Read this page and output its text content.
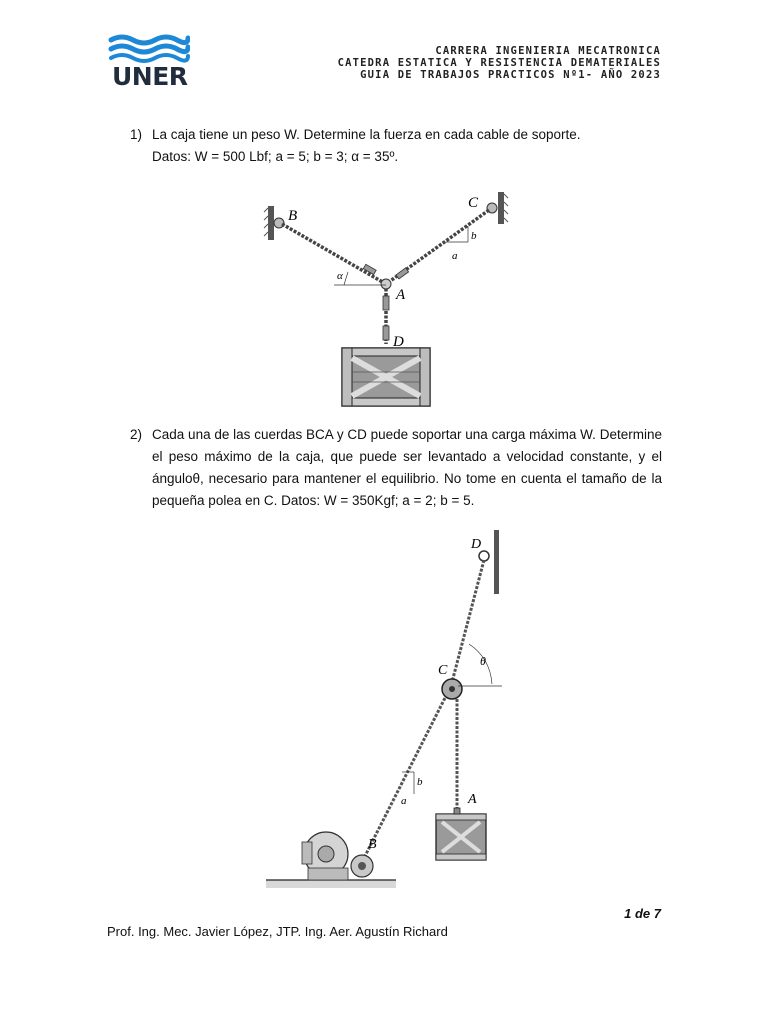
UNER
CARRERA INGENIERIA MECATRONICA
CATEDRA ESTATICA Y RESISTENCIA DEMATERIALES
GUIA DE TRABAJOS PRACTICOS Nº1- AÑO 2023
1) La caja tiene un peso W. Determine la fuerza en cada cable de soporte.
Datos: W = 500 Lbf; a = 5; b = 3; α = 35º.
B
C
A
D
a
b
α
2) Cada una de las cuerdas BCA y CD puede soportar una carga máxima W. Determine el peso máximo de la caja, que puede ser levantado a velocidad constante, y el ánguloθ, necesario para mantener el equilibrio. No tome en cuenta el tamaño de la pequeña polea en C. Datos: W = 350Kgf; a = 2; b = 5.
D
C
θ
b
a	A
B
1 de 7
Prof. Ing. Mec. Javier López, JTP. Ing. Aer. Agustín Richard
